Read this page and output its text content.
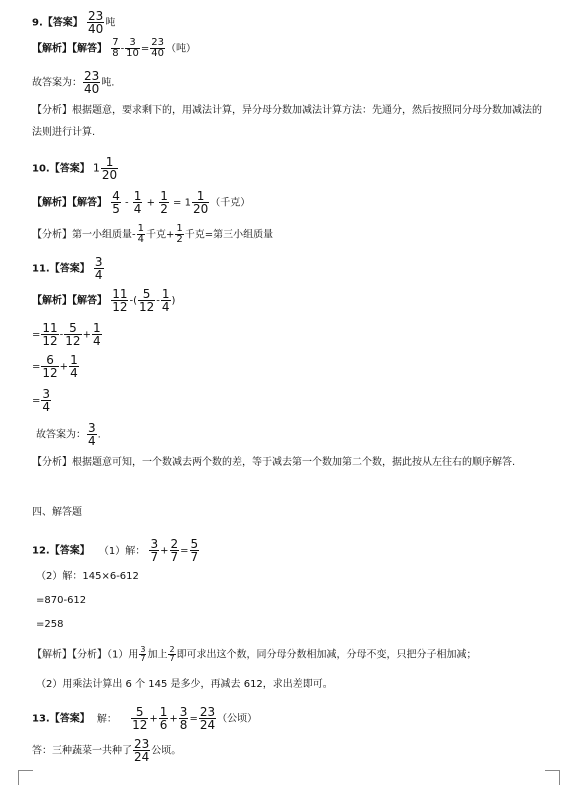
9.【答案】 $\frac{23}{40}$ 吨
【解析】【解答】 $\frac{7}{8} - \frac{3}{10} = \frac{23}{40}$ （吨）
故答案为： $\frac{23}{40}$ 吨.
【分析】根据题意，要求剩下的，用减法计算，异分母分数加减法计算方法：先通分，然后按照同分母分数加减法的法则进行计算.
10.【答案】 $1 \frac{1}{20}$
【解析】【解答】 $\frac{4}{5} - \frac{1}{4} + \frac{1}{2} = 1 \frac{1}{20}$ （千克）
【分析】第一小组质量- $\frac{1}{4}$ 千克+ $\frac{1}{2}$ 千克=第三小组质量
11.【答案】 $\frac{3}{4}$
【解析】【解答】 $\frac{11}{12}$ -( $\frac{5}{12} - \frac{1}{4}$ )
= $\frac{11}{12} - \frac{5}{12} + \frac{1}{4}$
= $\frac{6}{12} + \frac{1}{4}$
= $\frac{3}{4}$
故答案为： $\frac{3}{4}$ .
【分析】根据题意可知，一个数减去两个数的差，等于减去第一个数加第二个数，据此按从左往右的顺序解答.
四、解答题
12.【答案】 （1）解： $\frac{3}{7} + \frac{2}{7} = \frac{5}{7}$
（2）解：145×6-612
=870-612
=258
【解析】【分析】（1）用 $\frac{3}{7}$ 加上 $\frac{2}{7}$ 即可求出这个数，同分母分数相加减，分母不变，只把分子相加减；
（2）用乘法计算出 6 个 145 是多少，再减去 612，求出差即可。
13.【答案】 解： $\frac{5}{12} + \frac{1}{6} + \frac{3}{8} = \frac{23}{24}$ （公顷）
答：三种蔬菜一共种了 $\frac{23}{24}$ 公顷。
